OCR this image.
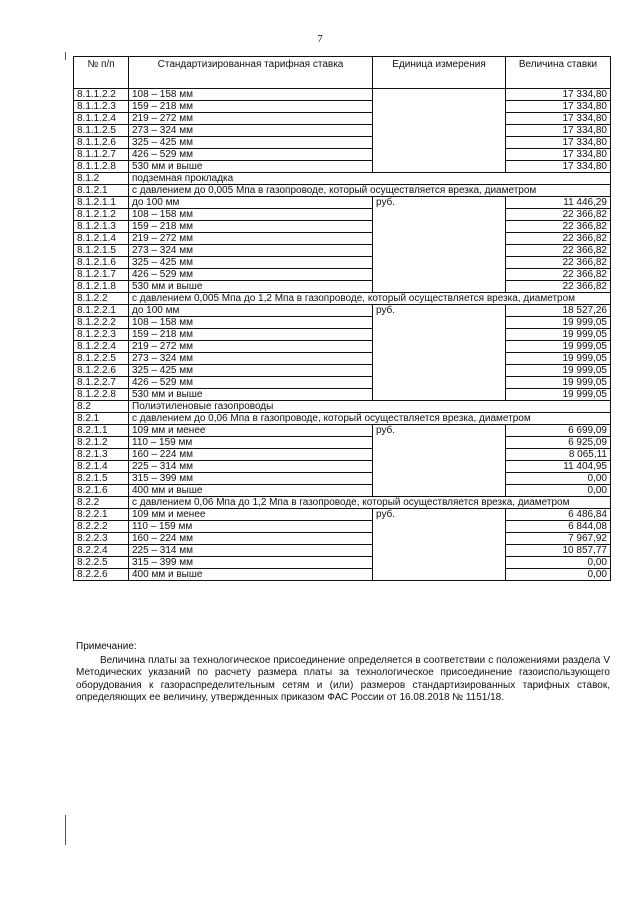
7
№ п/п	Стандартизированная тарифная ставка	Единица измерения	Величина ставки
8.1.1.2.2	108 – 158 мм		17 334,80
8.1.1.2.3	159 – 218 мм		17 334,80
8.1.1.2.4	219 – 272 мм		17 334,80
8.1.1.2.5	273 – 324 мм		17 334,80
8.1.1.2.6	325 – 425 мм		17 334,80
8.1.1.2.7	426 – 529 мм		17 334,80
8.1.1.2.8	530 мм и выше		17 334,80
8.1.2	подземная прокладка		
8.1.2.1	с давлением до 0,005 Мпа в газопроводе, который осуществляется врезка, диаметром		
8.1.2.1.1	до 100 мм	руб.	11 446,29
8.1.2.1.2	108 – 158 мм		22 366,82
8.1.2.1.3	159 – 218 мм		22 366,82
8.1.2.1.4	219 – 272 мм		22 366,82
8.1.2.1.5	273 – 324 мм		22 366,82
8.1.2.1.6	325 – 425 мм		22 366,82
8.1.2.1.7	426 – 529 мм		22 366,82
8.1.2.1.8	530 мм и выше		22 366,82
8.1.2.2	с давлением 0,005 Мпа до 1,2 Мпа в газопроводе, который осуществляется врезка, диаметром		
8.1.2.2.1	до 100 мм	руб.	18 527,26
8.1.2.2.2	108 – 158 мм		19 999,05
8.1.2.2.3	159 – 218 мм		19 999,05
8.1.2.2.4	219 – 272 мм		19 999,05
8.1.2.2.5	273 – 324 мм		19 999,05
8.1.2.2.6	325 – 425 мм		19 999,05
8.1.2.2.7	426 – 529 мм		19 999,05
8.1.2.2.8	530 мм и выше		19 999,05
8.2	Полиэтиленовые газопроводы		
8.2.1	с давлением до 0,06 Мпа в газопроводе, который осуществляется врезка, диаметром		
8.2.1.1	109 мм и менее	руб.	6 699,09
8.2.1.2	110 – 159 мм		6 925,09
8.2.1.3	160 – 224 мм		8 065,11
8.2.1.4	225 – 314 мм		11 404,95
8.2.1.5	315 – 399 мм		0,00
8.2.1.6	400 мм и выше		0,00
8.2.2	с давлением 0,06 Мпа до 1,2 Мпа в газопроводе, который осуществляется врезка, диаметром		
8.2.2.1	109 мм и менее	руб.	6 486,84
8.2.2.2	110 – 159 мм		6 844,08
8.2.2.3	160 – 224 мм		7 967,92
8.2.2.4	225 – 314 мм		10 857,77
8.2.2.5	315 – 399 мм		0,00
8.2.2.6	400 мм и выше		0,00
Примечание:
Величина платы за технологическое присоединение определяется в соответствии с положениями раздела V Методических указаний по расчету размера платы за технологическое присоединение газоиспользующего оборудования к газораспределительным сетям и (или) размеров стандартизированных тарифных ставок, определяющих ее величину, утвержденных приказом ФАС России от 16.08.2018 № 1151/18.
